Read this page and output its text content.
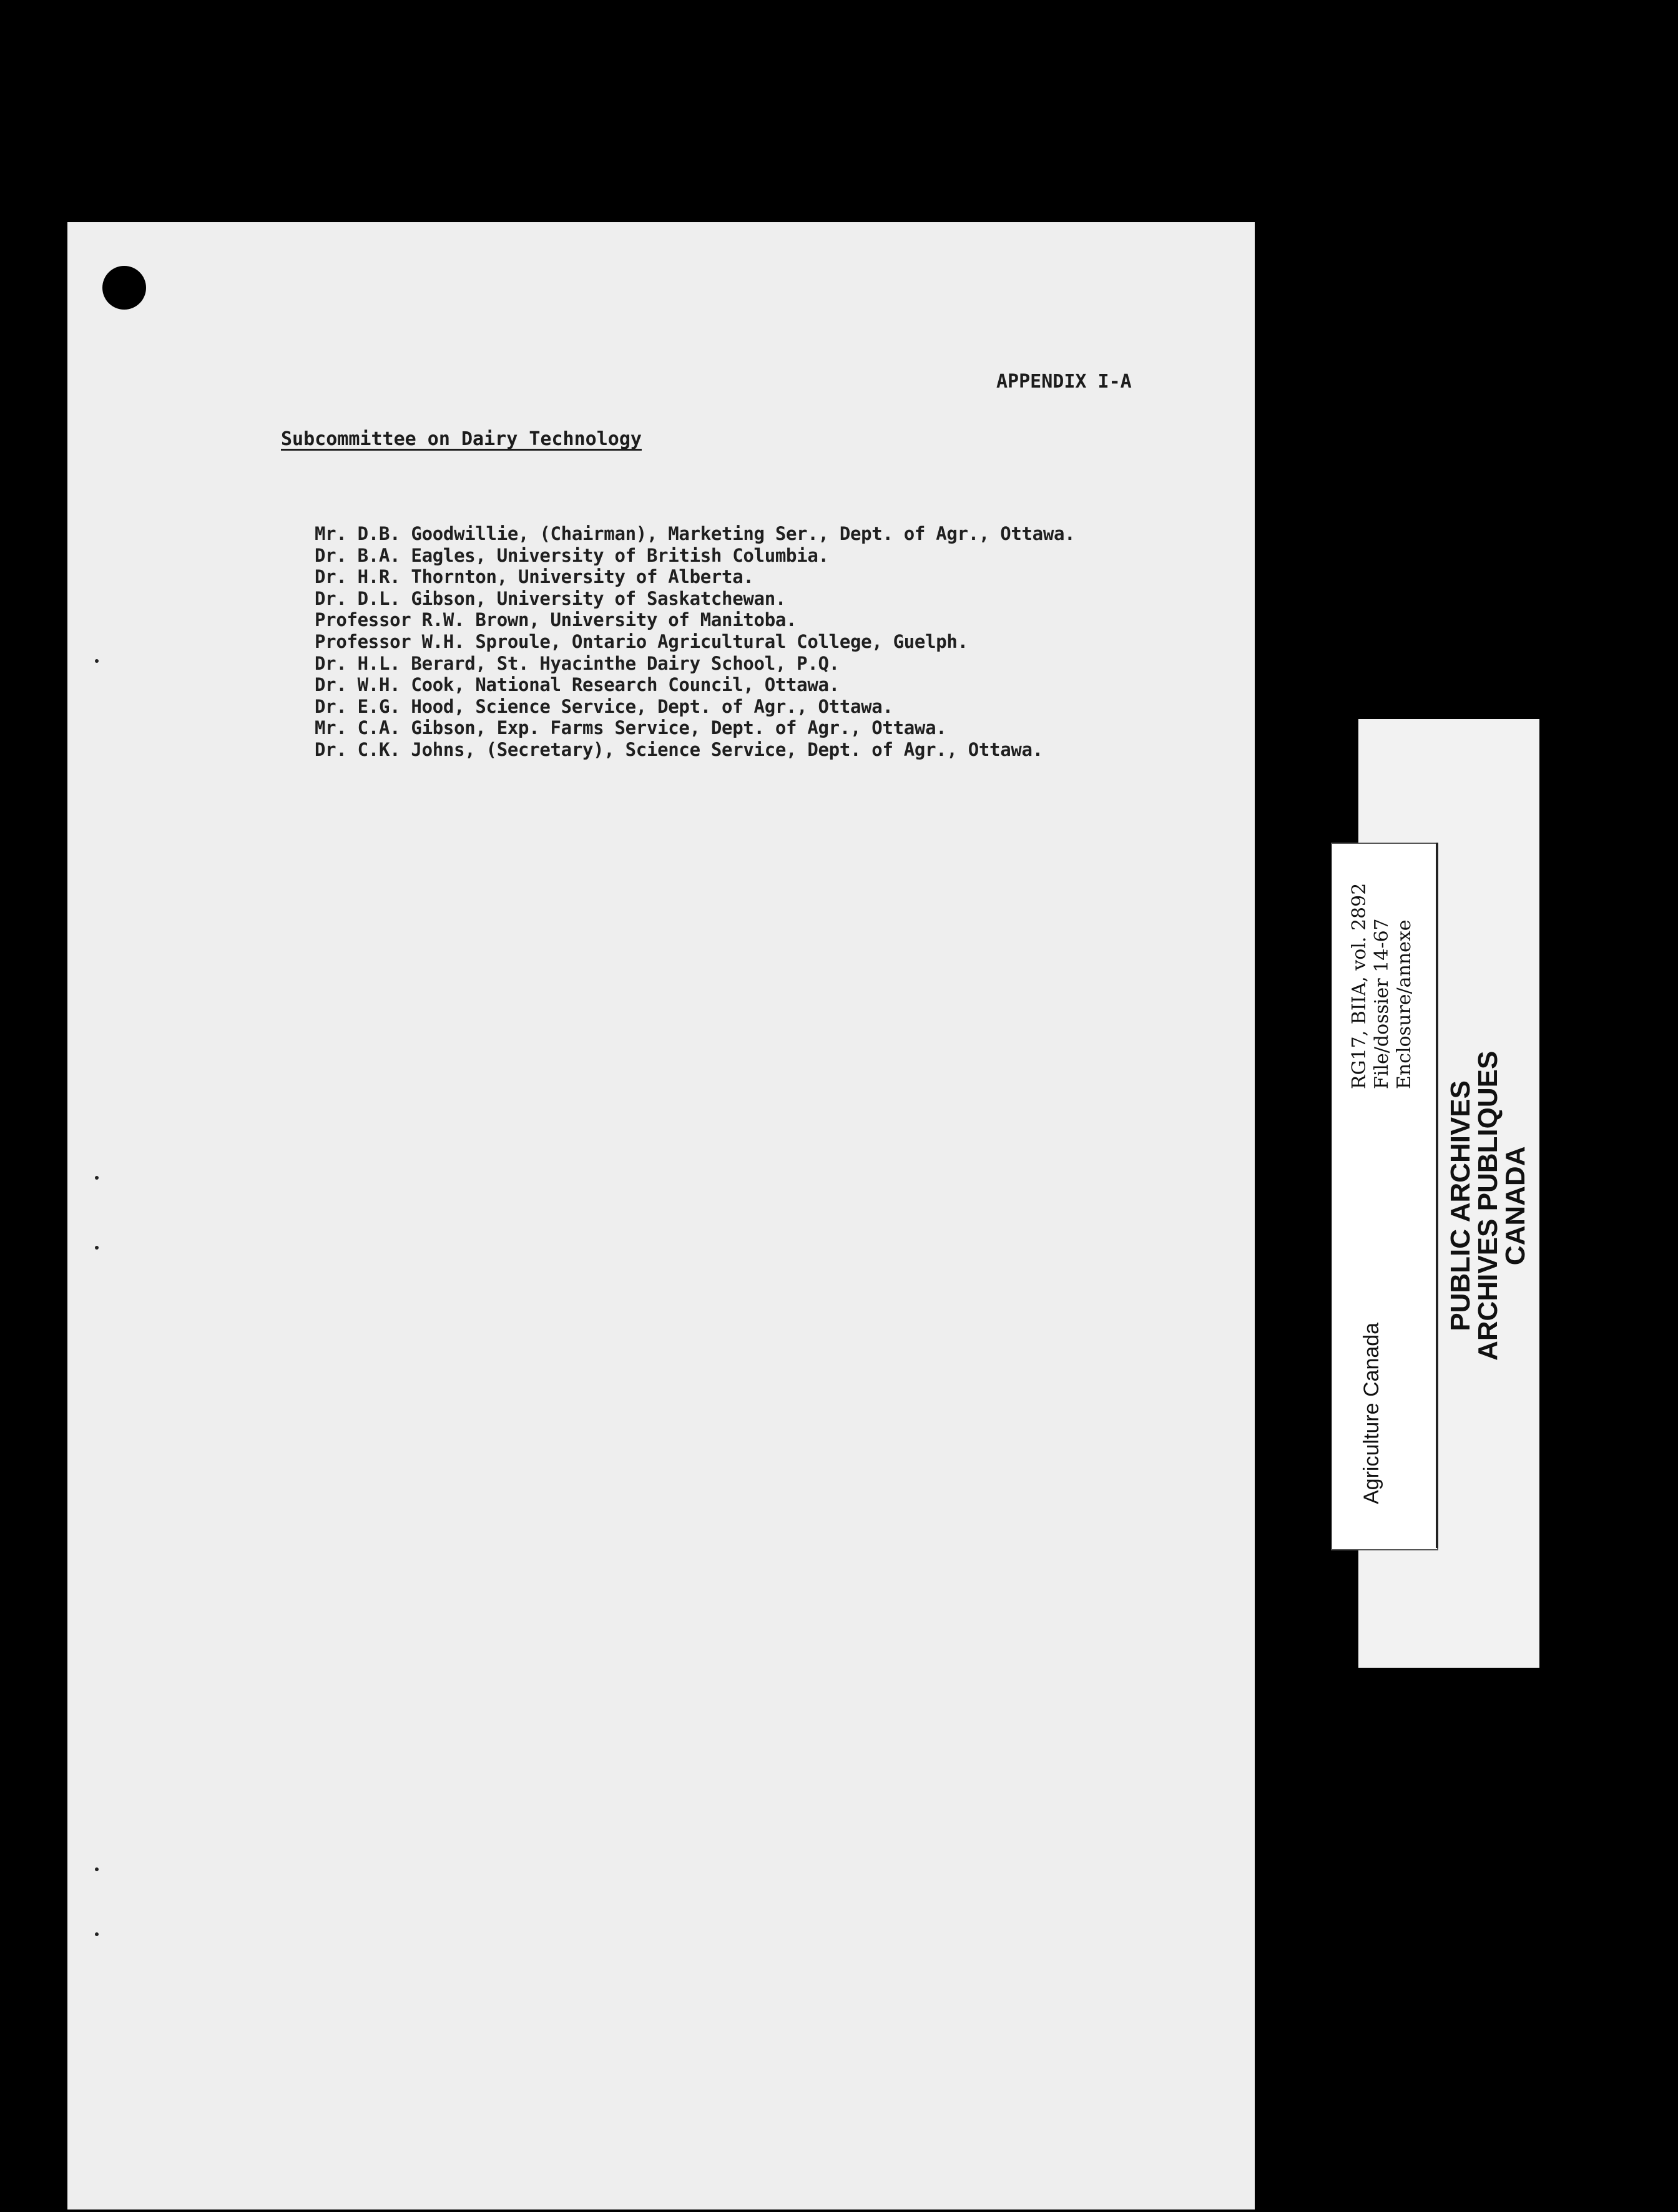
APPENDIX I-A
Subcommittee on Dairy Technology
Mr. D.B. Goodwillie, (Chairman), Marketing Ser., Dept. of Agr., Ottawa.
Dr. B.A. Eagles, University of British Columbia.
Dr. H.R. Thornton, University of Alberta.
Dr. D.L. Gibson, University of Saskatchewan.
Professor R.W. Brown, University of Manitoba.
Professor W.H. Sproule, Ontario Agricultural College, Guelph.
Dr. H.L. Berard, St. Hyacinthe Dairy School, P.Q.
Dr. W.H. Cook, National Research Council, Ottawa.
Dr. E.G. Hood, Science Service, Dept. of Agr., Ottawa.
Mr. C.A. Gibson, Exp. Farms Service, Dept. of Agr., Ottawa.
Dr. C.K. Johns, (Secretary), Science Service, Dept. of Agr., Ottawa.
RG17, BIIA, vol. 2892 File/dossier 14-67 Enclosure/annexe
Agriculture Canada
PUBLIC ARCHIVES
ARCHIVES PUBLIQUES
CANADA
